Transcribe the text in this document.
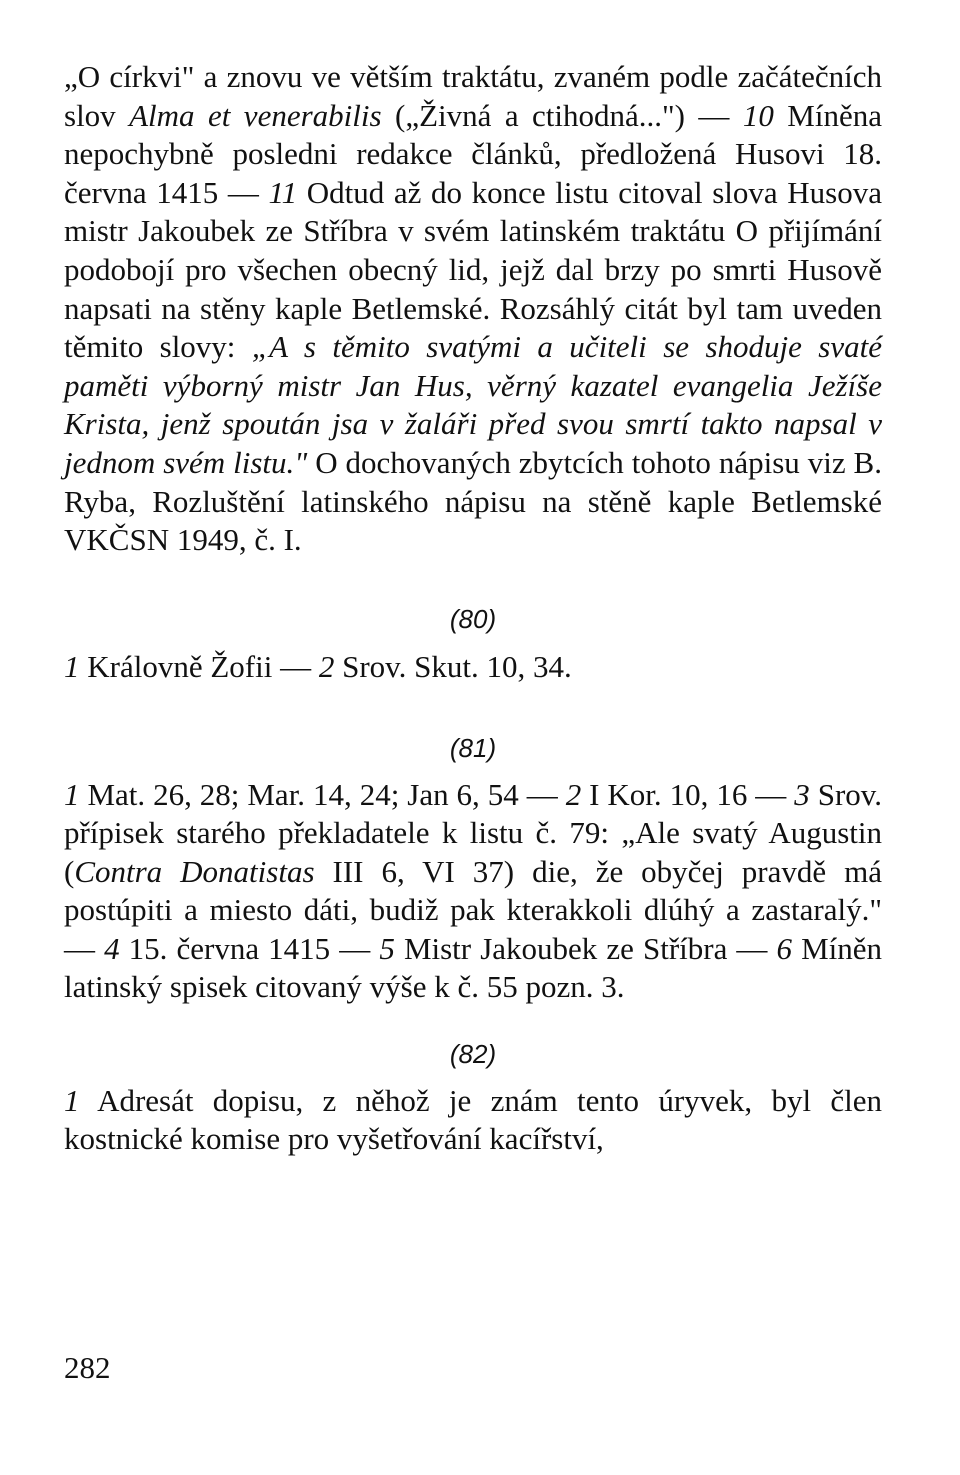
„O církvi" a znovu ve větším traktátu, zvaném podle začátečních slov Alma et venerabilis („Živná a ctihodná...") — 10 Míněna nepochybně posledni redakce článků, předložená Husovi 18. června 1415 — 11 Odtud až do konce listu citoval slova Husova mistr Jakoubek ze Stříbra v svém latinském traktátu O přijímání podobojí pro všechen obecný lid, jejž dal brzy po smrti Husově napsati na stěny kaple Betlemské. Rozsáhlý citát byl tam uveden těmito slovy: „A s těmito svatými a učiteli se shoduje svaté paměti výborný mistr Jan Hus, věrný kazatel evangelia Ježíše Krista, jenž spoután jsa v žaláři před svou smrtí takto napsal v jednom svém listu." O dochovaných zbytcích tohoto nápisu viz B. Ryba, Rozluštění latinského nápisu na stěně kaple Betlemské VKČSN 1949, č. I.

(80)

1 Královně Žofii — 2 Srov. Skut. 10, 34.

(81)

1 Mat. 26, 28; Mar. 14, 24; Jan 6, 54 — 2 I Kor. 10, 16 — 3 Srov. přípisek starého překladatele k listu č. 79: „Ale svatý Augustin (Contra Donatistas III 6, VI 37) die, že obyčej pravdě má postúpiti a miesto dáti, budiž pak kterakkoli dlúhý a zastaralý." — 4 15. června 1415 — 5 Mistr Jakoubek ze Stříbra — 6 Míněn latinský spisek citovaný výše k č. 55 pozn. 3.

(82)

1 Adresát dopisu, z něhož je znám tento úryvek, byl člen kostnické komise pro vyšetřování kacířství,

282
